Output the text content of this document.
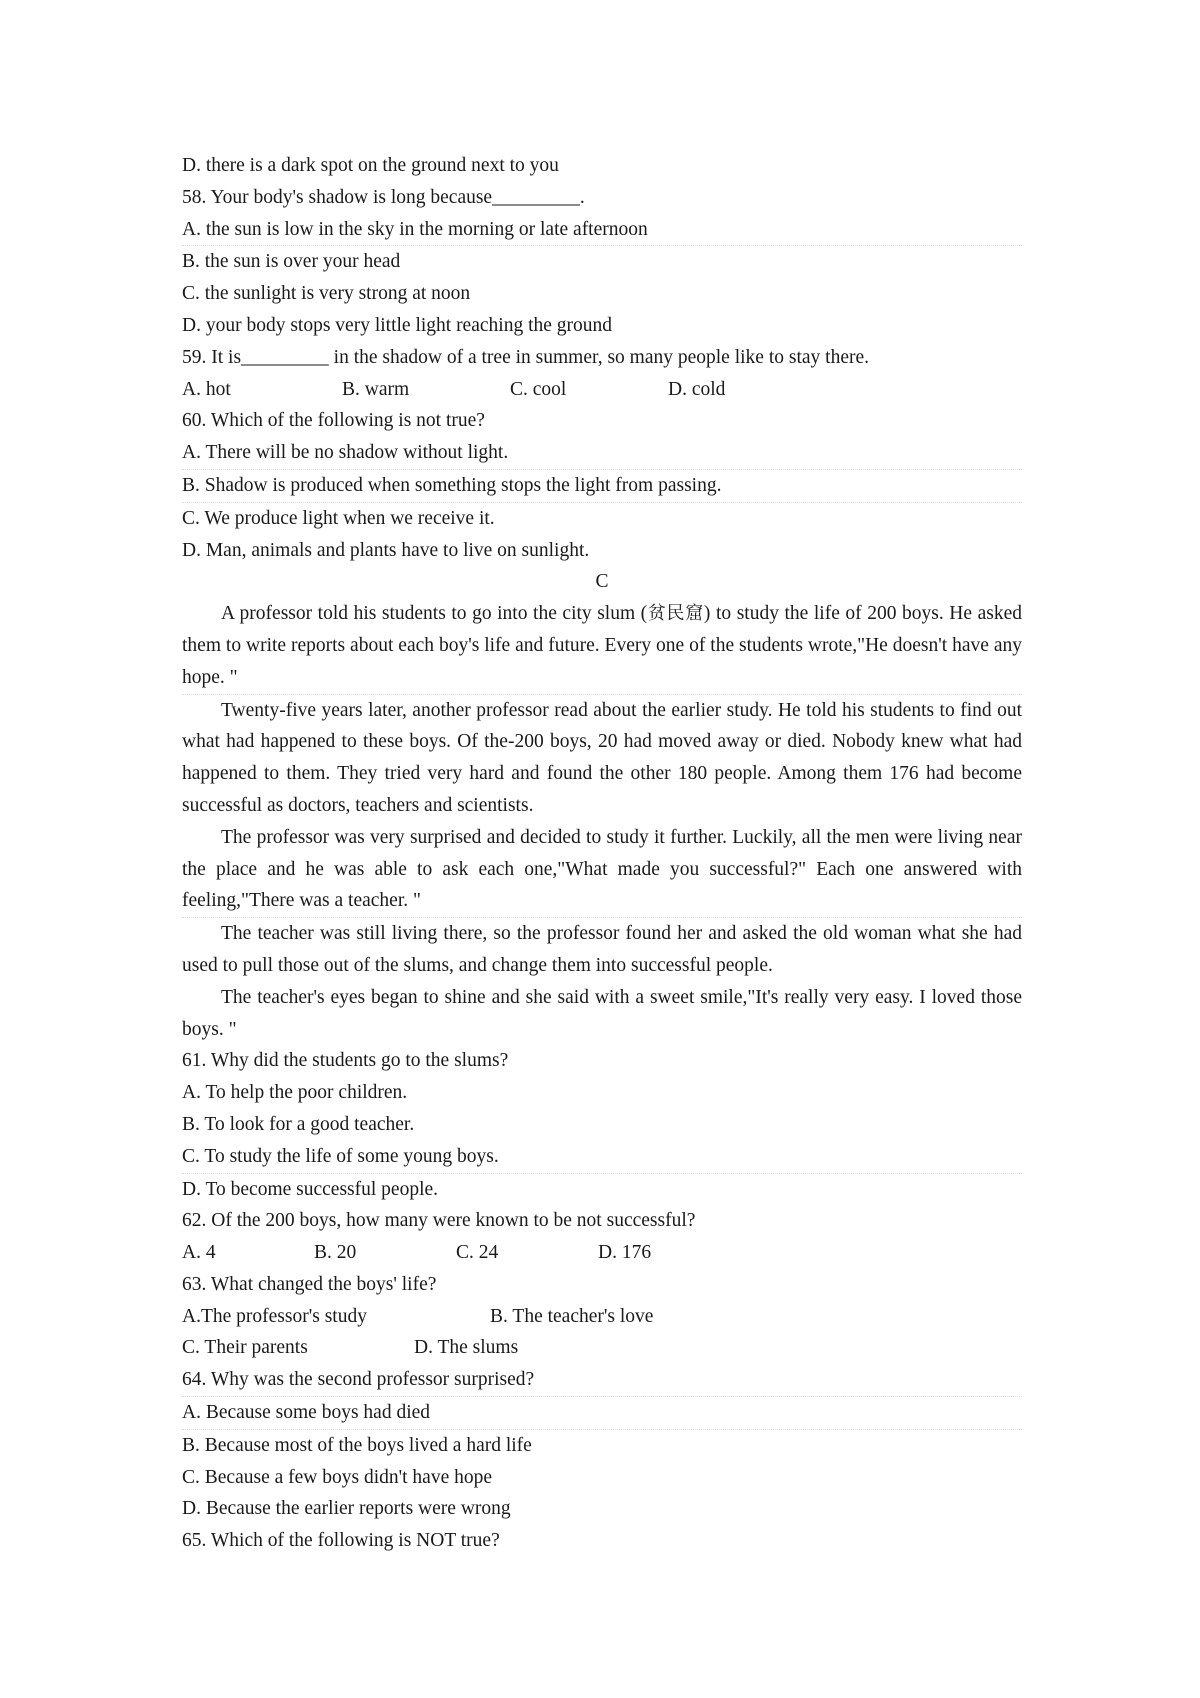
D. there is a dark spot on the ground next to you
58. Your body's shadow is long because_________.
A. the sun is low in the sky in the morning or late afternoon
B. the sun is over your head
C. the sunlight is very strong at noon
D. your body stops very little light reaching the ground
59. It is_________ in the shadow of a tree in summer, so many people like to stay there.
A. hot	B. warm	C. cool	D. cold
60. Which of the following is not true?
A. There will be no shadow without light.
B. Shadow is produced when something stops the light from passing.
C. We produce light when we receive it.
D. Man, animals and plants have to live on sunlight.
C

A professor told his students to go into the city slum (贫民窟) to study the life of 200 boys. He asked them to write reports about each boy's life and future. Every one of the students wrote,"He doesn't have any hope. "

Twenty-five years later, another professor read about the earlier study. He told his students to find out what had happened to these boys. Of the-200 boys, 20 had moved away or died. Nobody knew what had happened to them. They tried very hard and found the other 180 people. Among them 176 had become successful as doctors, teachers and scientists.

The professor was very surprised and decided to study it further. Luckily, all the men were living near the place and he was able to ask each one,"What made you successful?" Each one answered with feeling,"There was a teacher. "

The teacher was still living there, so the professor found her and asked the old woman what she had used to pull those out of the slums, and change them into successful people.

The teacher's eyes began to shine and she said with a sweet smile,"It's really very easy. I loved those boys. "

61. Why did the students go to the slums?
A. To help the poor children.
B. To look for a good teacher.
C. To study the life of some young boys.
D. To become successful people.
62. Of the 200 boys, how many were known to be not successful?
A. 4	B. 20	C. 24	D. 176
63. What changed the boys' life?
A.The professor's study	B. The teacher's love
C. Their parents	D. The slums
64. Why was the second professor surprised?
A. Because some boys had died
B. Because most of the boys lived a hard life
C. Because a few boys didn't have hope
D. Because the earlier reports were wrong
65. Which of the following is NOT true?
